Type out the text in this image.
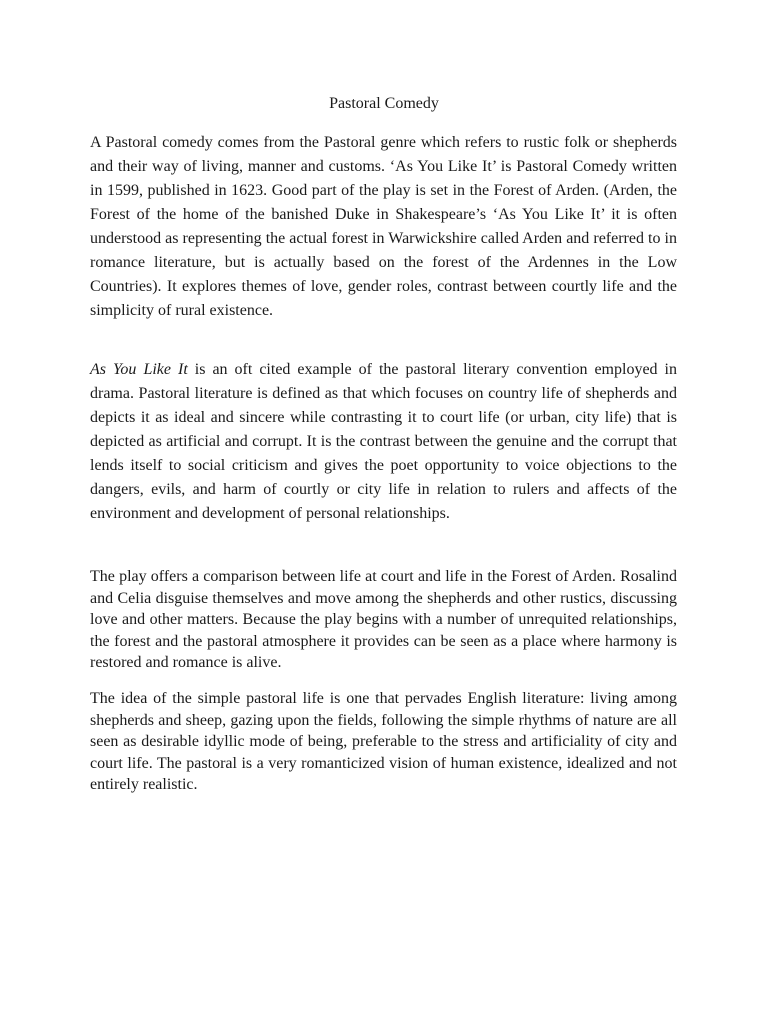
Pastoral Comedy

A Pastoral comedy comes from the Pastoral genre which refers to rustic folk or shepherds and their way of living, manner and customs. ‘As You Like It’ is Pastoral Comedy written in 1599, published in 1623. Good part of the play is set in the Forest of Arden. (Arden, the Forest of the home of the banished Duke in Shakespeare’s ‘As You Like It’ it is often understood as representing the actual forest in Warwickshire called Arden and referred to in romance literature, but is actually based on the forest of the Ardennes in the Low Countries). It explores themes of love, gender roles, contrast between courtly life and the simplicity of rural existence.

As You Like It is an oft cited example of the pastoral literary convention employed in drama. Pastoral literature is defined as that which focuses on country life of shepherds and depicts it as ideal and sincere while contrasting it to court life (or urban, city life) that is depicted as artificial and corrupt. It is the contrast between the genuine and the corrupt that lends itself to social criticism and gives the poet opportunity to voice objections to the dangers, evils, and harm of courtly or city life in relation to rulers and affects of the environment and development of personal relationships.

The play offers a comparison between life at court and life in the Forest of Arden. Rosalind and Celia disguise themselves and move among the shepherds and other rustics, discussing love and other matters. Because the play begins with a number of unrequited relationships, the forest and the pastoral atmosphere it provides can be seen as a place where harmony is restored and romance is alive.

The idea of the simple pastoral life is one that pervades English literature: living among shepherds and sheep, gazing upon the fields, following the simple rhythms of nature are all seen as desirable idyllic mode of being, preferable to the stress and artificiality of city and court life. The pastoral is a very romanticized vision of human existence, idealized and not entirely realistic.
